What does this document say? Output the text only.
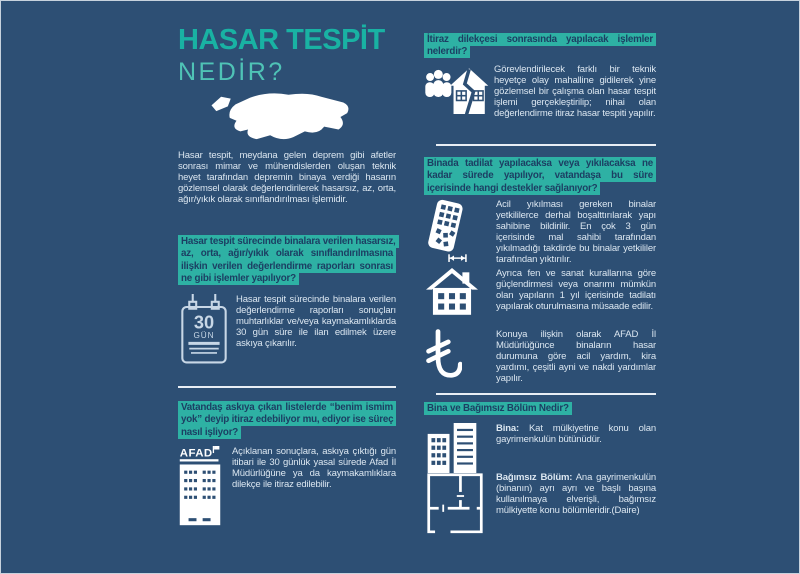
HASAR TESPİT
NEDİR?

Hasar tespit, meydana gelen deprem gibi afetler sonrası mimar ve mühendislerden oluşan teknik heyet tarafından depremin binaya verdiği hasarın gözlemsel olarak değerlendirilerek hasarsız, az, orta, ağır/yıkık olarak sınıflandırılması işlemidir.

Hasar tespit sürecinde binalara verilen hasarsız, az, orta, ağır/yıkık olarak sınıflandırılmasına ilişkin verilen değerlendirme raporları sonrası ne gibi işlemler yapılıyor?
30
GÜN

Hasar tespit sürecinde binalara verilen değerlendirme raporları sonuçları muhtarlıklar ve/veya kaymakamlıklarda 30 gün süre ile ilan edilmek üzere askıya çıkarılır.

Vatandaş askıya çıkan listelerde “benim ismim yok” deyip itiraz edebiliyor mu, ediyor ise süreç nasıl işliyor?
AFAD Açıklanan sonuçlara, askıya çıktığı gün itibari ile 30 günlük yasal sürede Afad İl Müdürlüğüne ya da kaymakamlıklara dilekçe ile itiraz edilebilir.

İtiraz dilekçesi sonrasında yapılacak işlemler nelerdir?

Görevlendirilecek farklı bir teknik heyetçe olay mahalline gidilerek yine gözlemsel bir çalışma olan hasar tespit işlemi gerçekleştirilip; nihai olan değerlendirme itiraz hasar tespiti yapılır.

Binada tadilat yapılacaksa veya yıkılacaksa ne kadar sürede yapılıyor, vatandaşa bu süre içerisinde hangi destekler sağlanıyor?

Acil yıkılması gereken binalar yetkililerce derhal boşalttırılarak yapı sahibine bildirilir. En çok 3 gün içerisinde mal sahibi tarafından yıkılmadığı takdirde bu binalar yetkililer tarafından yıktırılır.

Ayrıca fen ve sanat kurallarına göre güçlendirmesi veya onarımı mümkün olan yapıların 1 yıl içerisinde tadilatı yapılarak oturulmasına müsaade edilir.

Konuya ilişkin olarak AFAD İl Müdürlüğünce binaların hasar durumuna göre acil yardım, kira yardımı, çeşitli ayni ve nakdi yardımlar yapılır.

Bina ve Bağımsız Bölüm Nedir?

Bina: Kat mülkiyetine konu olan gayrimenkulün bütünüdür.

Bağımsız Bölüm: Ana gayrimenkulün (binanın) ayrı ayrı ve başlı başına kullanılmaya elverişli, bağımsız mülkiyette konu bölümleridir.(Daire)
